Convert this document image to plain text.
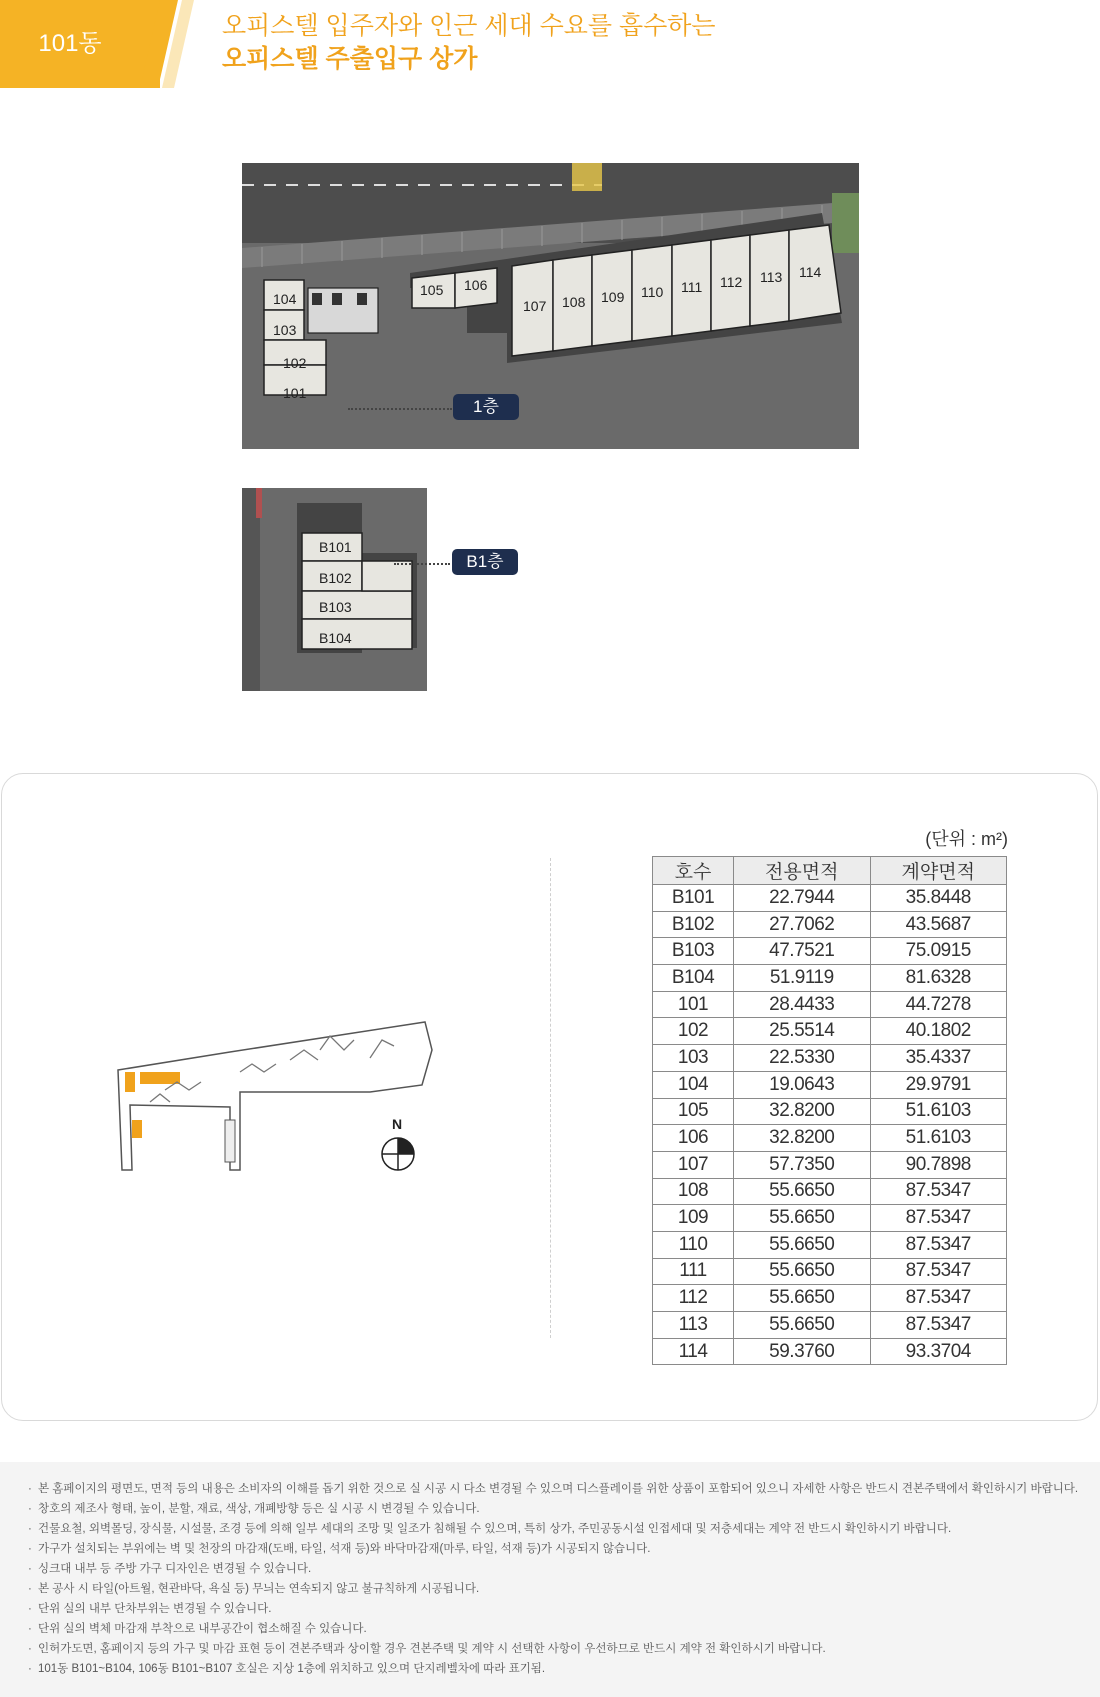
101동
오피스텔 입주자와 인근 세대 수요를 흡수하는
오피스텔 주출입구 상가
104
103
102
101
105 106
107 108 109 110 111 112 113 114
1층
B101
B102
B103
B104
B1층
N
(단위 : m²)
호수	전용면적	계약면적
B101	22.7944	35.8448
B102	27.7062	43.5687
B103	47.7521	75.0915
B104	51.9119	81.6328
101	28.4433	44.7278
102	25.5514	40.1802
103	22.5330	35.4337
104	19.0643	29.9791
105	32.8200	51.6103
106	32.8200	51.6103
107	57.7350	90.7898
108	55.6650	87.5347
109	55.6650	87.5347
110	55.6650	87.5347
111	55.6650	87.5347
112	55.6650	87.5347
113	55.6650	87.5347
114	59.3760	93.3704
· 본 홈페이지의 평면도, 면적 등의 내용은 소비자의 이해를 돕기 위한 것으로 실 시공 시 다소 변경될 수 있으며 디스플레이를 위한 상품이 포함되어 있으니 자세한 사항은 반드시 견본주택에서 확인하시기 바랍니다.
· 창호의 제조사 형태, 높이, 분할, 재료, 색상, 개폐방향 등은 실 시공 시 변경될 수 있습니다.
· 건물요철, 외벽몰딩, 장식물, 시설물, 조경 등에 의해 일부 세대의 조망 및 일조가 침해될 수 있으며, 특히 상가, 주민공동시설 인접세대 및 저층세대는 계약 전 반드시 확인하시기 바랍니다.
· 가구가 설치되는 부위에는 벽 및 천장의 마감재(도배, 타일, 석재 등)와 바닥마감재(마루, 타일, 석재 등)가 시공되지 않습니다.
· 싱크대 내부 등 주방 가구 디자인은 변경될 수 있습니다.
· 본 공사 시 타일(아트월, 현관바닥, 욕실 등) 무늬는 연속되지 않고 불규칙하게 시공됩니다.
· 단위 실의 내부 단차부위는 변경될 수 있습니다.
· 단위 실의 벽체 마감재 부착으로 내부공간이 협소해질 수 있습니다.
· 인허가도면, 홈페이지 등의 가구 및 마감 표현 등이 견본주택과 상이할 경우 견본주택 및 계약 시 선택한 사항이 우선하므로 반드시 계약 전 확인하시기 바랍니다.
· 101동 B101~B104, 106동 B101~B107 호실은 지상 1층에 위치하고 있으며 단지레벨차에 따라 표기됨.
